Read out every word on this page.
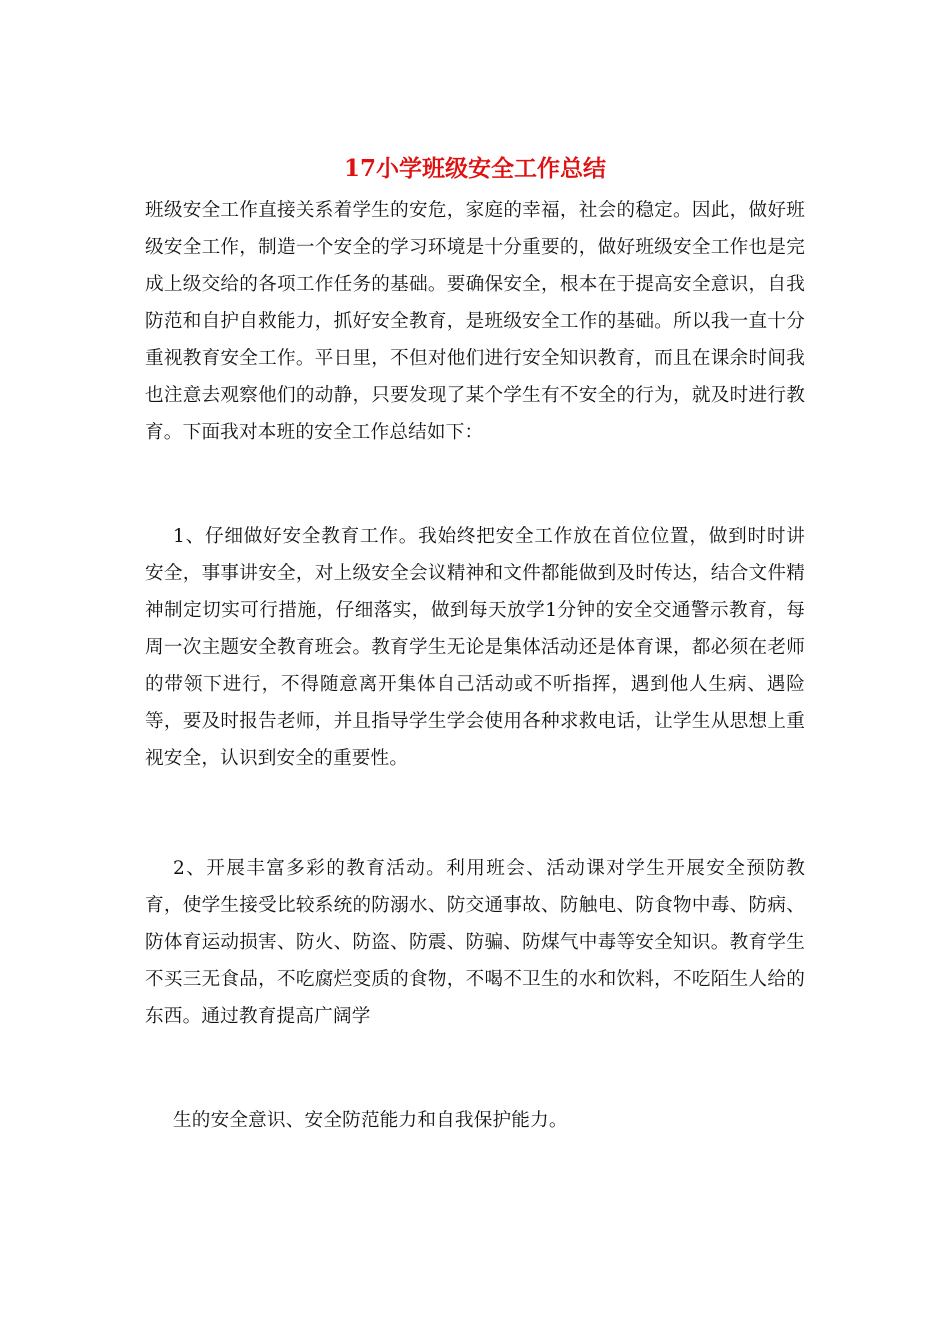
17小学班级安全工作总结

班级安全工作直接关系着学生的安危，家庭的幸福，社会的稳定。因此，做好班级安全工作，制造一个安全的学习环境是十分重要的，做好班级安全工作也是完成上级交给的各项工作任务的基础。要确保安全，根本在于提高安全意识，自我防范和自护自救能力，抓好安全教育，是班级安全工作的基础。所以我一直十分重视教育安全工作。平日里，不但对他们进行安全知识教育，而且在课余时间我也注意去观察他们的动静，只要发现了某个学生有不安全的行为，就及时进行教育。下面我对本班的安全工作总结如下：

1、仔细做好安全教育工作。我始终把安全工作放在首位位置，做到时时讲安全，事事讲安全，对上级安全会议精神和文件都能做到及时传达，结合文件精神制定切实可行措施，仔细落实，做到每天放学1分钟的安全交通警示教育，每周一次主题安全教育班会。教育学生无论是集体活动还是体育课，都必须在老师的带领下进行，不得随意离开集体自己活动或不听指挥，遇到他人生病、遇险等，要及时报告老师，并且指导学生学会使用各种求救电话，让学生从思想上重视安全，认识到安全的重要性。

2、开展丰富多彩的教育活动。利用班会、活动课对学生开展安全预防教育，使学生接受比较系统的防溺水、防交通事故、防触电、防食物中毒、防病、防体育运动损害、防火、防盗、防震、防骗、防煤气中毒等安全知识。教育学生不买三无食品，不吃腐烂变质的食物，不喝不卫生的水和饮料，不吃陌生人给的东西。通过教育提高广阔学

生的安全意识、安全防范能力和自我保护能力。
